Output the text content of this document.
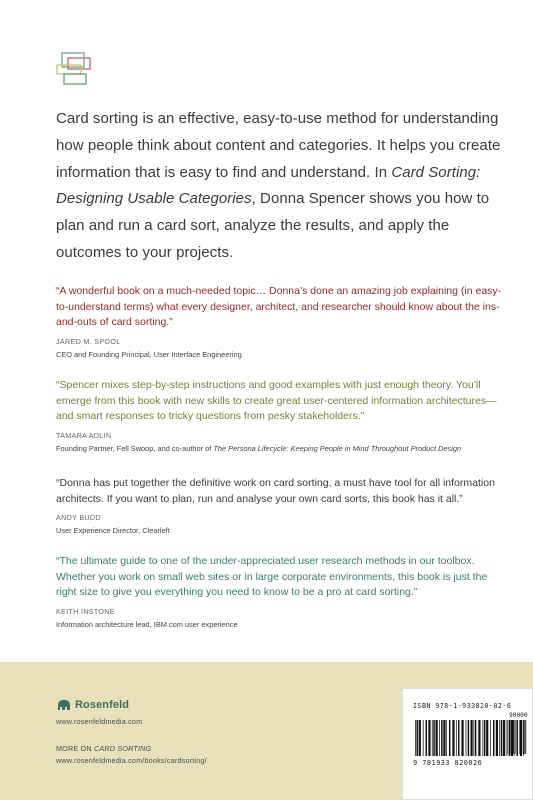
Card sorting is an effective, easy-to-use method for understanding how people think about content and categories. It helps you create information that is easy to find and understand. In Card Sorting: Designing Usable Categories, Donna Spencer shows you how to plan and run a card sort, analyze the results, and apply the outcomes to your projects.

“A wonderful book on a much-needed topic… Donna’s done an amazing job explaining (in easy-to-understand terms) what every designer, architect, and researcher should know about the ins-and-outs of card sorting.”
JARED M. SPOOL
CEO and Founding Principal, User Interface Engineering
“Spencer mixes step-by-step instructions and good examples with just enough theory. You’ll emerge from this book with new skills to create great user-centered information architectures—and smart responses to tricky questions from pesky stakeholders.”
TAMARA ADLIN
Founding Partner, Fell Swoop, and co-author of The Persona Lifecycle: Keeping People in Mind Throughout Product Design
“Donna has put together the definitive work on card sorting, a must have tool for all information architects. If you want to plan, run and analyse your own card sorts, this book has it all.”
ANDY BUDD
User Experience Director, Clearleft
“The ultimate guide to one of the under-appreciated user research methods in our toolbox. Whether you work on small web sites or in large corporate environments, this book is just the right size to give you everything you need to know to be a pro at card sorting.”
KEITH INSTONE
Information architecture lead, IBM.com user experience
Rosenfeld
www.rosenfeldmedia.com
MORE ON CARD SORTING
www.rosenfeldmedia.com/books/cardsorting/
ISBN 978-1-933820-02-6
90000
9 781933 820026
